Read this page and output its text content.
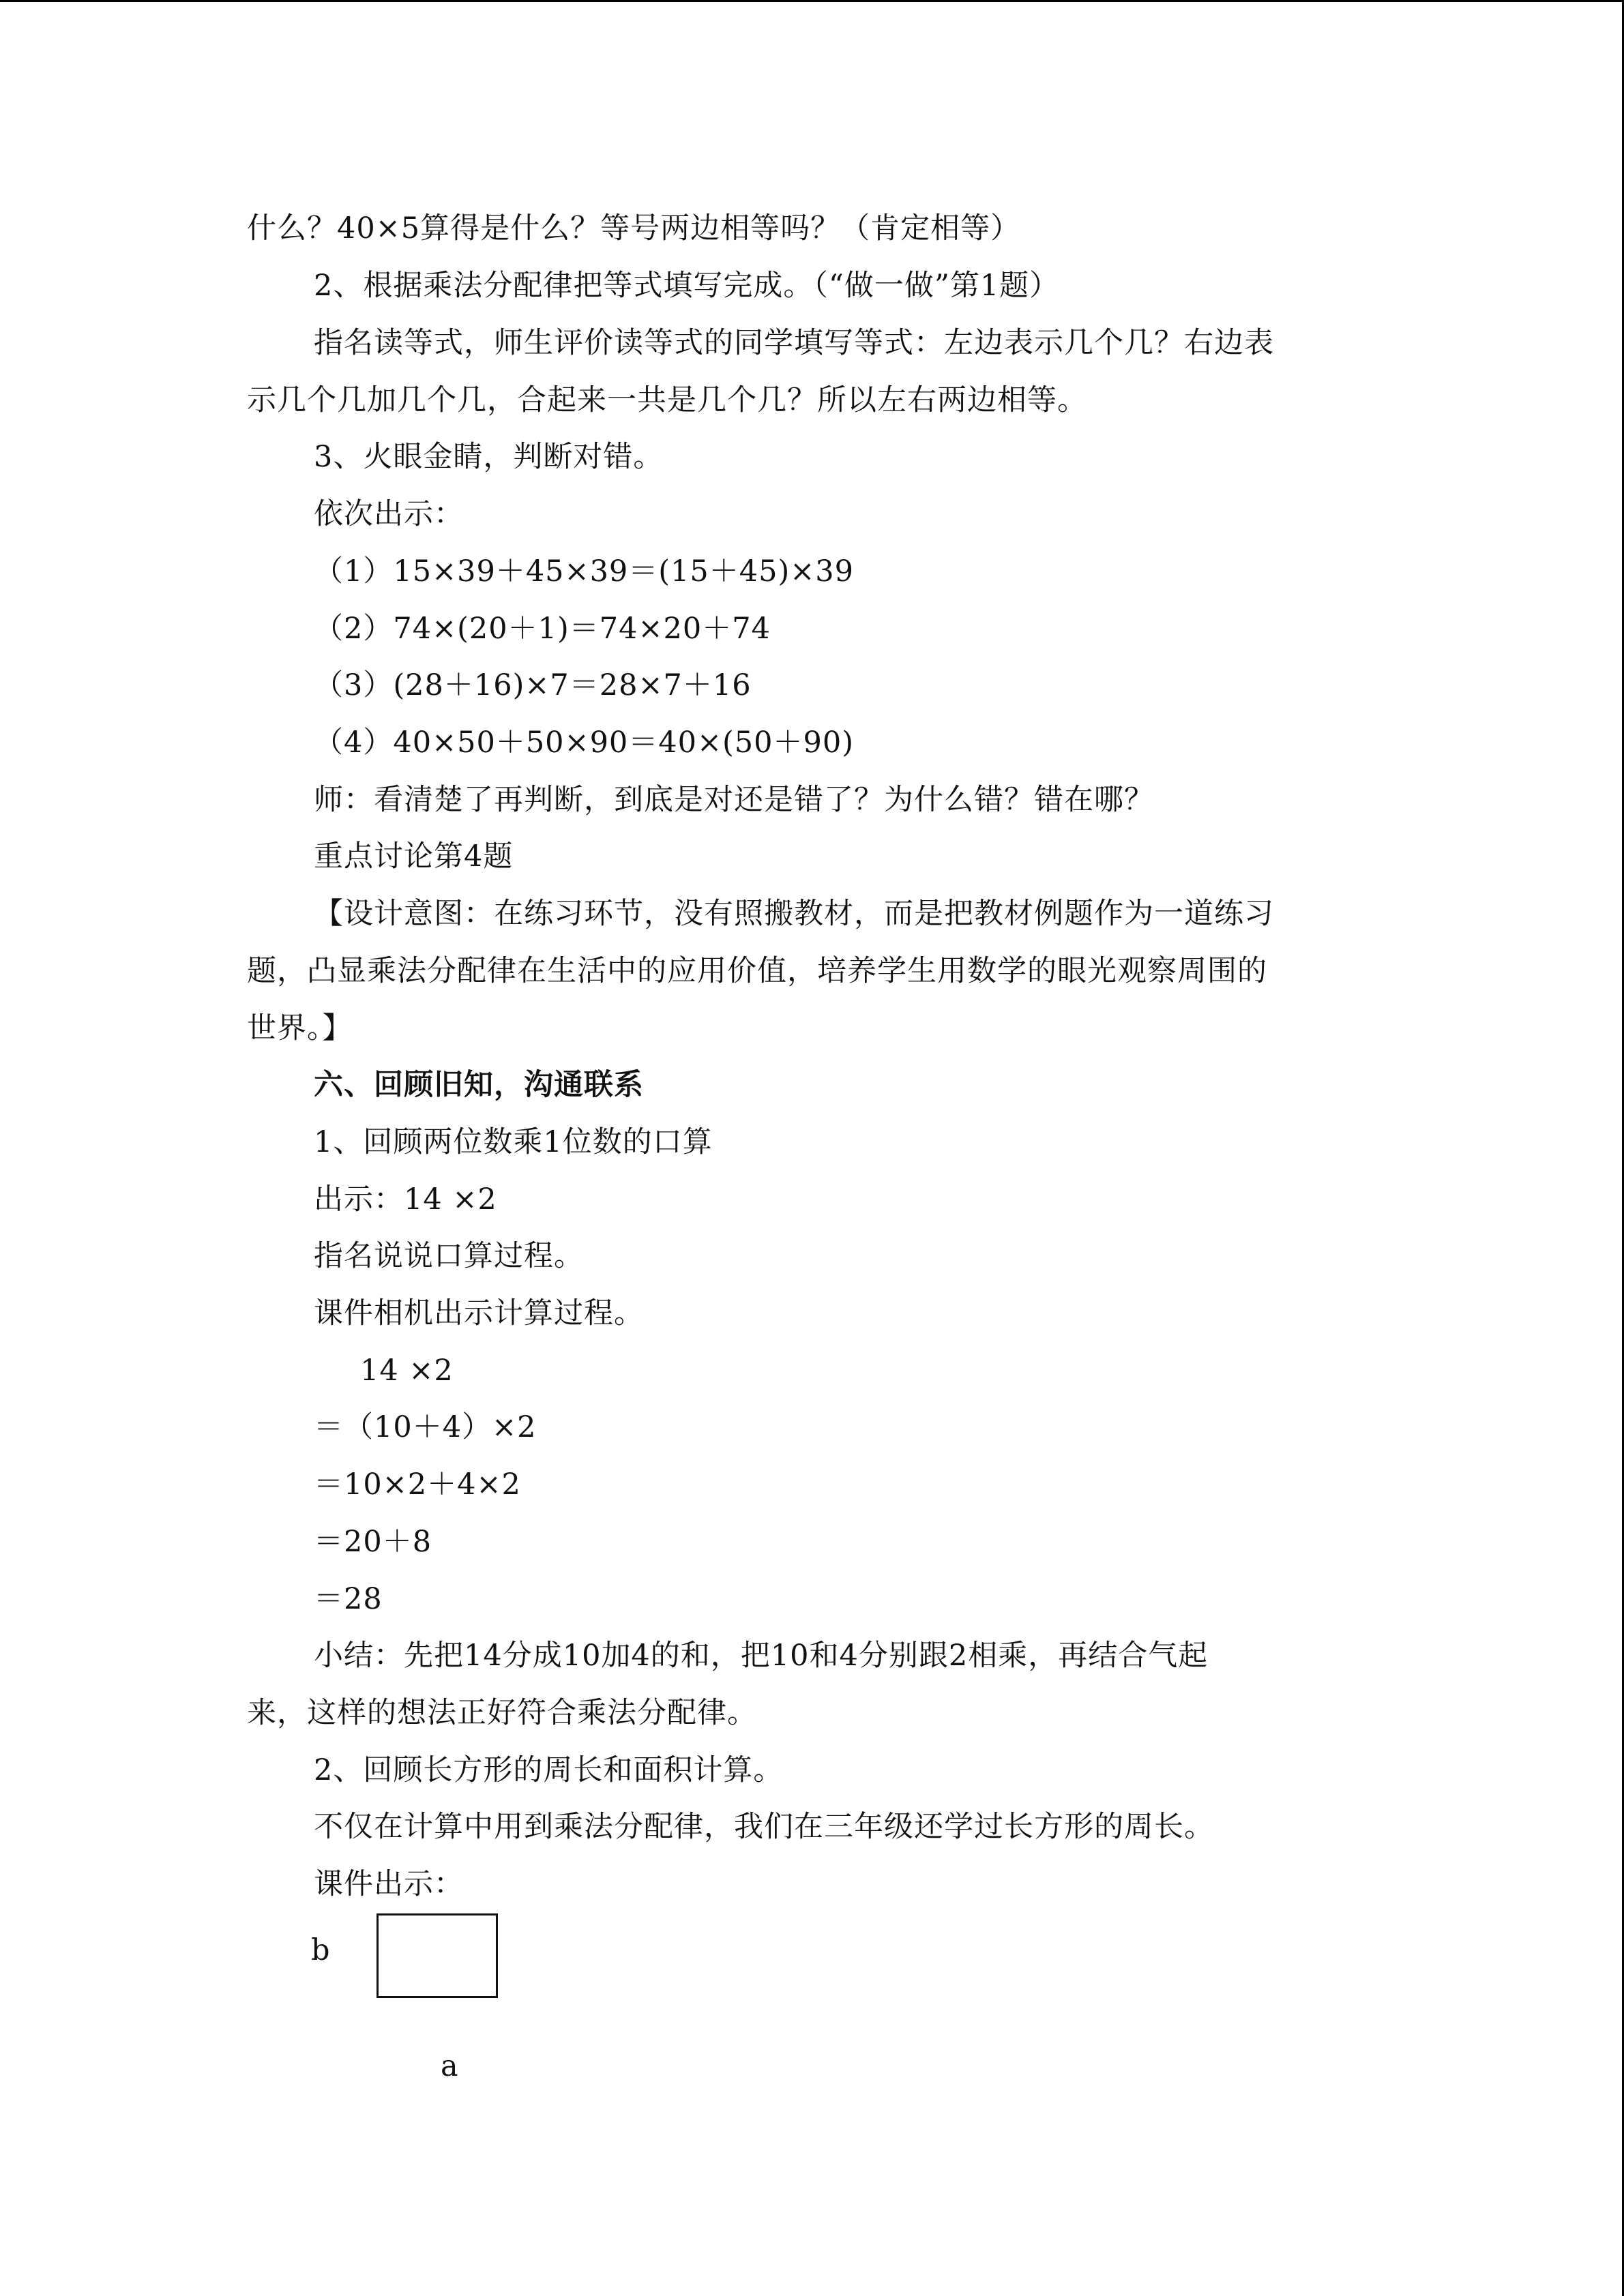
什么？40×5算得是什么？等号两边相等吗？（肯定相等）

2、根据乘法分配律把等式填写完成。（“做一做”第1题）

指名读等式，师生评价读等式的同学填写等式：左边表示几个几？右边表

示几个几加几个几，合起来一共是几个几？所以左右两边相等。

3、火眼金睛，判断对错。

依次出示：

（1）15×39＋45×39＝(15＋45)×39

（2）74×(20＋1)＝74×20＋74

（3）(28＋16)×7＝28×7＋16

（4）40×50＋50×90＝40×(50＋90)

师：看清楚了再判断，到底是对还是错了？为什么错？错在哪？

重点讨论第4题

【设计意图：在练习环节，没有照搬教材，而是把教材例题作为一道练习

题，凸显乘法分配律在生活中的应用价值，培养学生用数学的眼光观察周围的

世界。】

六、回顾旧知，沟通联系

1、回顾两位数乘1位数的口算

出示：14 ×2

指名说说口算过程。

课件相机出示计算过程。

14 ×2

＝（10＋4）×2

＝10×2＋4×2

＝20＋8

＝28

小结：先把14分成10加4的和，把10和4分别跟2相乘，再结合气起

来，这样的想法正好符合乘法分配律。

2、回顾长方形的周长和面积计算。

不仅在计算中用到乘法分配律，我们在三年级还学过长方形的周长。

课件出示：

b

a
